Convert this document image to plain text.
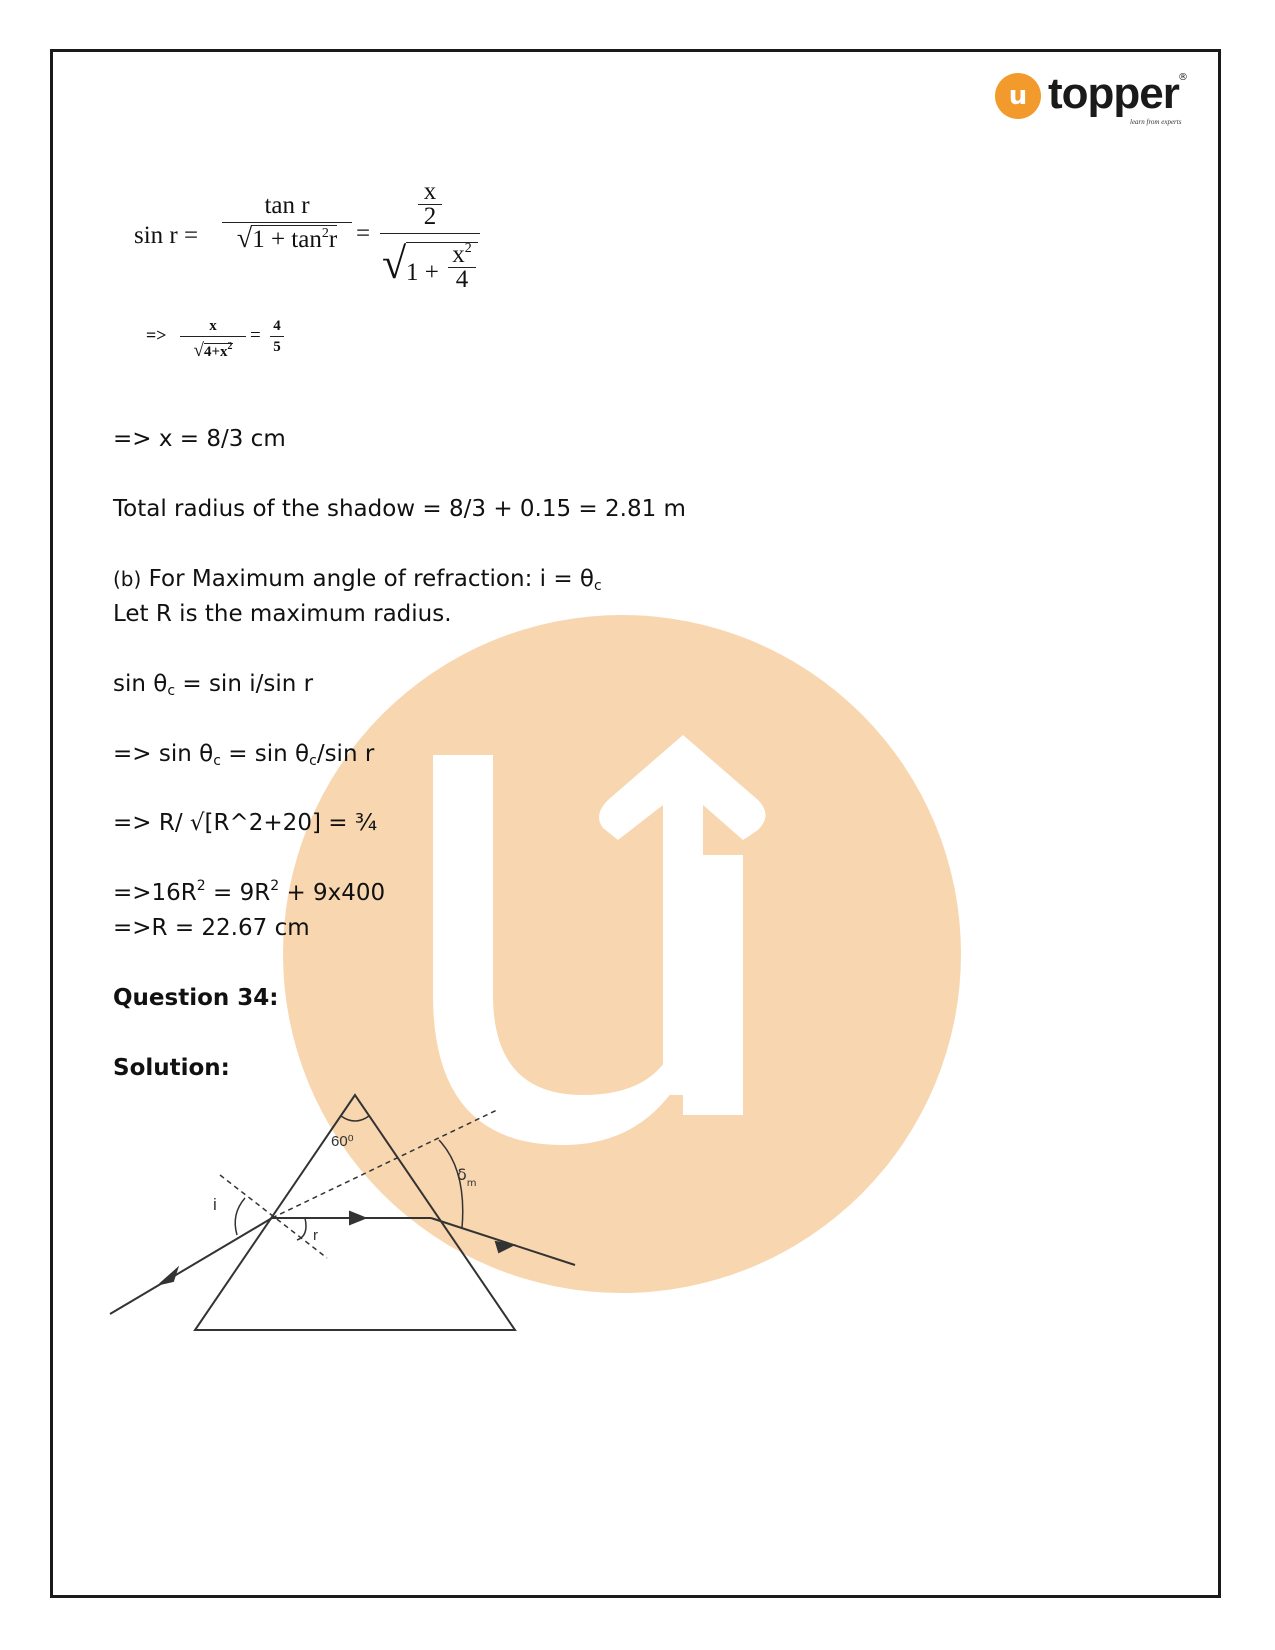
u topper ®
learn from experts
sin r =
tan r
$√1 + \tan^2r$ =
x
2
√ 1 +
$x^2$
4
=>	x
$√4+x^2$
= 4
5
=> x = 8/3 cm
Total radius of the shadow = 8/3 + 0.15 = 2.81 m
(b) For Maximum angle of refraction: $i = \theta_c$
Let R is the maximum radius.
$\sin \theta_c = \sin i/\sin$ r
=> $\sin \theta_c = \sin \theta_c/\sin$ r
=> R/ √[R^2+20] = ¾
$=>16R^2 = 9R^2 + 9x400$
=>R = 22.67 cm
Question 34:
Solution:
60⁰
i
r
$\delta_m$
